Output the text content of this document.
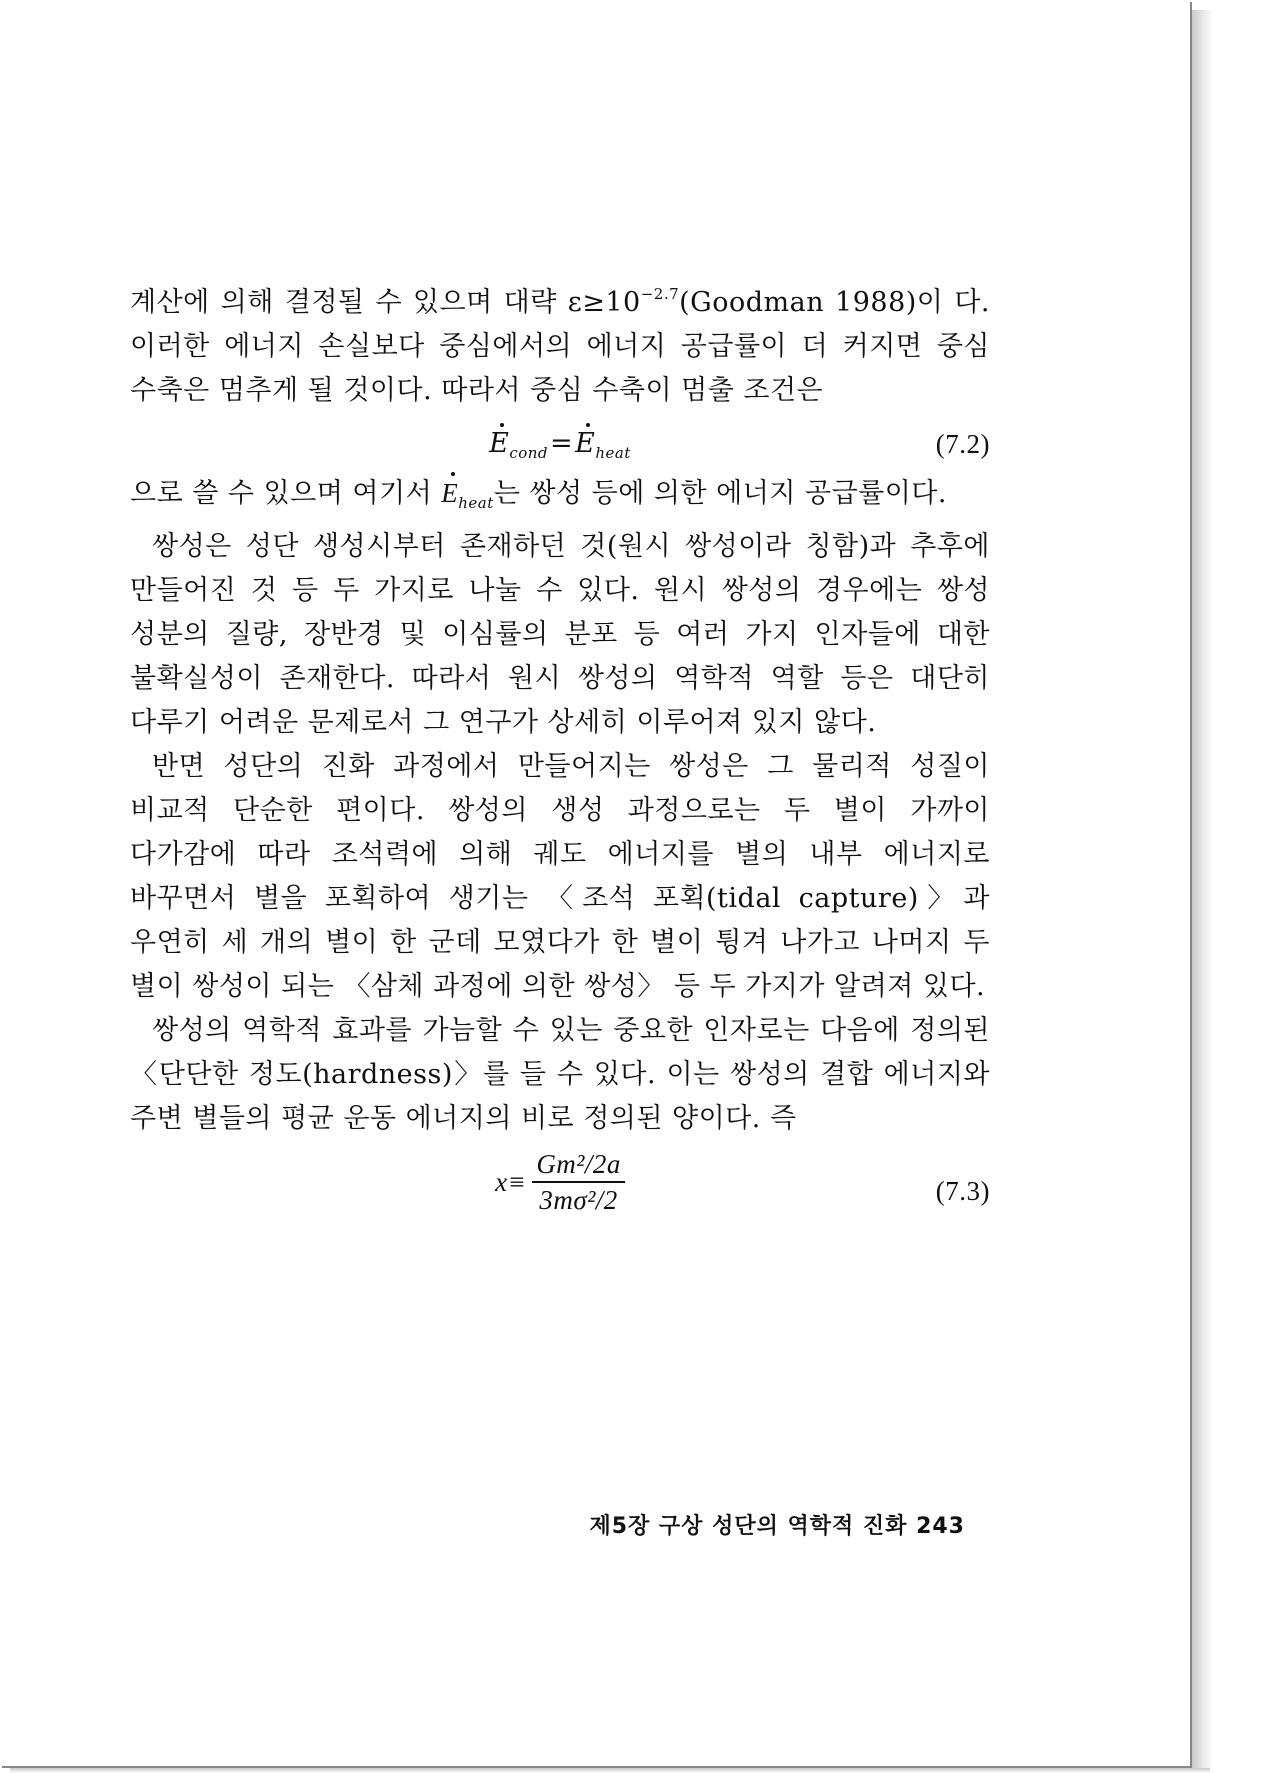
계산에 의해 결정될 수 있으며 대략 $\varepsilon\ge 10^{-2.7}(Goodman$ 1988)이 다. 이러한 에너지 손실보다 중심에서의 에너지 공급률이 더 커지면 중심 수축은 멈추게 될 것이다. 따라서 중심 수축이 멈출 조건은

$E_{cond}=E_{heat}$	(7.2)

으로 쓸 수 있으며 여기서 $E_{heat}$는 쌍성 등에 의한 에너지 공급률이다.

쌍성은 성단 생성시부터 존재하던 것(원시 쌍성이라 칭함)과 추후에 만들어진 것 등 두 가지로 나눌 수 있다. 원시 쌍성의 경우에는 쌍성 성분의 질량, 장반경 및 이심률의 분포 등 여러 가지 인자들에 대한 불확실성이 존재한다. 따라서 원시 쌍성의 역학적 역할 등은 대단히 다루기 어려운 문제로서 그 연구가 상세히 이루어져 있지 않다.

반면 성단의 진화 과정에서 만들어지는 쌍성은 그 물리적 성질이 비교적 단순한 편이다. 쌍성의 생성 과정으로는 두 별이 가까이 다가감에 따라 조석력에 의해 궤도 에너지를 별의 내부 에너지로 바꾸면서 별을 포획하여 생기는 〈조석 포획(tidal capture)〉과 우연히 세 개의 별이 한 군데 모였다가 한 별이 튕겨 나가고 나머지 두 별이 쌍성이 되는 〈삼체 과정에 의한 쌍성〉 등 두 가지가 알려져 있다.

쌍성의 역학적 효과를 가늠할 수 있는 중요한 인자로는 다음에 정의된 〈단단한 정도(hardness)〉를 들 수 있다. 이는 쌍성의 결합 에너지와 주변 별들의 평균 운동 에너지의 비로 정의된 양이다. 즉

$x\equiv \frac{\text{Gm²/2a}}{\text{3mσ²/2}}$	(7.3)
제5장 구상 성단의 역학적 진화 243
